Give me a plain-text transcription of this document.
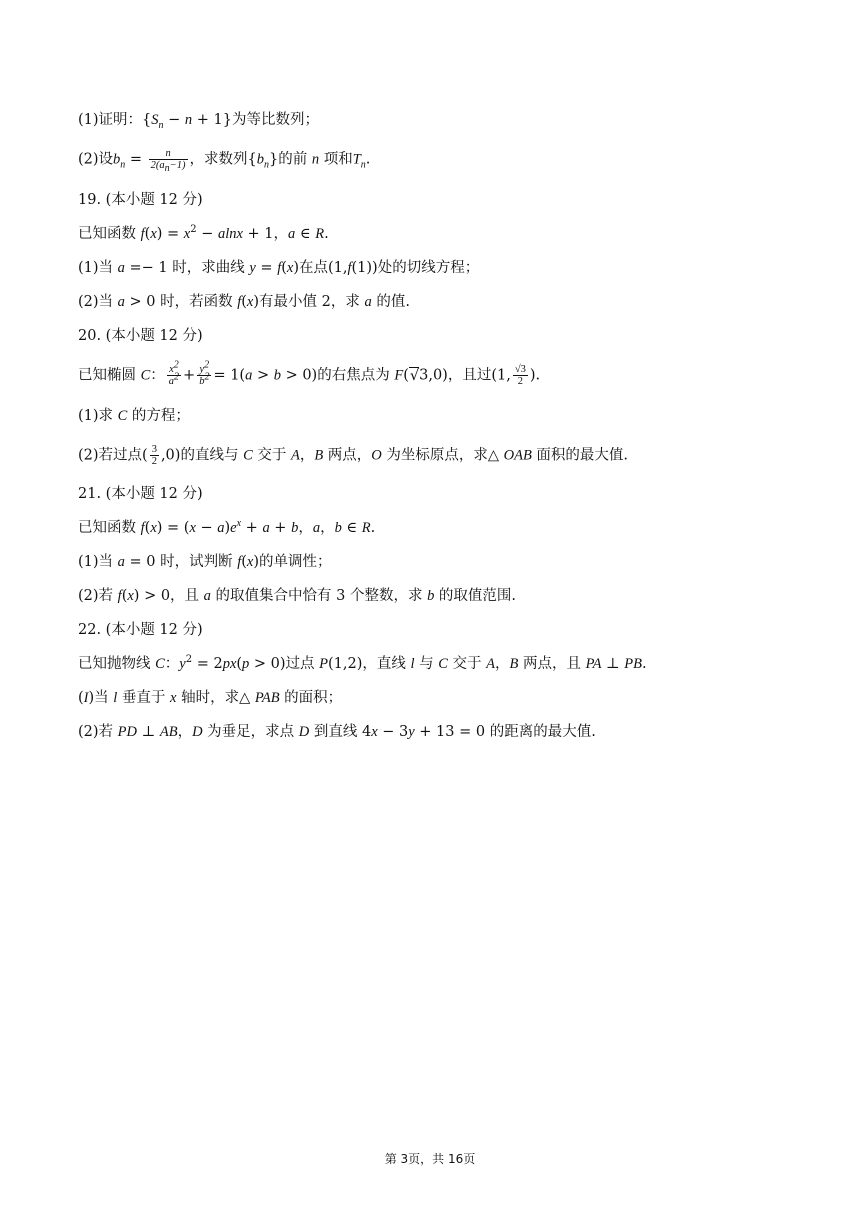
(1)证明：$\{S_n - n + 1\}$为等比数列；
(2)设$b_n = \frac{n}{2(a_n-1)}$ ，求数列$\{b_n\}$的前 n 项和$T_n$.
19. (本小题 12 分)
已知函数 $f(x) = x^2 - alnx + 1$，a ∈ R.
(1)当 a =− 1 时，求曲线 y = f(x)在点(1,f(1))处的切线方程；
(2)当 a > 0 时，若函数 f(x)有最小值 2，求 a 的值.
20. (本小题 12 分)
已知椭圆 C： $\frac{x^2}{a^2} + \frac{y^2}{b^2} = 1(a > b > 0)$的右焦点为 F(√3,0)，且过(1, $\frac{√3}{2}$ ).
(1)求 C 的方程；
(2)若过点( $\frac{3}{2} ,0$)的直线与 C 交于 A，B 两点，O 为坐标原点，求△ OAB 面积的最大值.
21. (本小题 12 分)
已知函数 $f(x) = (x - a)e^x + a + b$，a，b ∈ R.
(1)当 a = 0 时，试判断 f(x)的单调性；
(2)若 f(x) > 0，且 a 的取值集合中恰有 3 个整数，求 b 的取值范围.
22. (本小题 12 分)
已知抛物线 C：$y^2 = 2px(p > 0)$过点 P(1,2)，直线 l 与 C 交于 A，B 两点，且 PA ⊥ PB.
(I)当 l 垂直于 x 轴时，求△ PAB 的面积；
(2)若 PD ⊥ AB，D 为垂足，求点 D 到直线 4x − 3y + 13 = 0 的距离的最大值.
第 3页，共 16页
